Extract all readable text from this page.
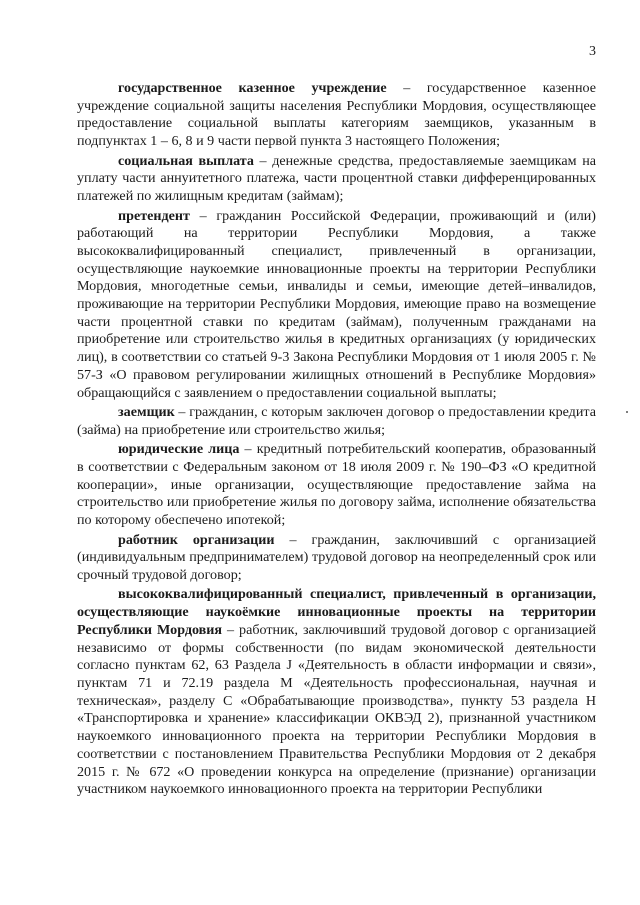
3

государственное казенное учреждение – государственное казенное учреждение социальной защиты населения Республики Мордовия, осуществляющее предоставление социальной выплаты категориям заемщиков, указанным в подпунктах 1 – 6, 8 и 9 части первой пункта 3 настоящего Положения;

социальная выплата – денежные средства, предоставляемые заемщикам на уплату части аннуитетного платежа, части процентной ставки дифференцированных платежей по жилищным кредитам (займам);

претендент – гражданин Российской Федерации, проживающий и (или) работающий на территории Республики Мордовия, а также высококвалифицированный специалист, привлеченный в организации, осуществляющие наукоемкие инновационные проекты на территории Республики Мордовия, многодетные семьи, инвалиды и семьи, имеющие детей–инвалидов, проживающие на территории Республики Мордовия, имеющие право на возмещение части процентной ставки по кредитам (займам), полученным гражданами на приобретение или строительство жилья в кредитных организациях (у юридических лиц), в соответствии со статьей 9-3 Закона Республики Мордовия от 1 июля 2005 г. № 57-З «О правовом регулировании жилищных отношений в Республике Мордовия» обращающийся с заявлением о предоставлении социальной выплаты;

заемщик – гражданин, с которым заключен договор о предоставлении кредита (займа) на приобретение или строительство жилья;

юридические лица – кредитный потребительский кооператив, образованный в соответствии с Федеральным законом от 18 июля 2009 г. № 190–ФЗ «О кредитной кооперации», иные организации, осуществляющие предоставление займа на строительство или приобретение жилья по договору займа, исполнение обязательства по которому обеспечено ипотекой;

работник организации – гражданин, заключивший с организацией (индивидуальным предпринимателем) трудовой договор на неопределенный срок или срочный трудовой договор;

высококвалифицированный специалист, привлеченный в организации, осуществляющие наукоёмкие инновационные проекты на территории Республики Мордовия – работник, заключивший трудовой договор с организацией независимо от формы собственности (по видам экономической деятельности согласно пунктам 62, 63 Раздела J «Деятельность в области информации и связи», пунктам 71 и 72.19 раздела M «Деятельность профессиональная, научная и техническая», разделу C «Обрабатывающие производства», пункту 53 раздела H «Транспортировка и хранение» классификации ОКВЭД 2), признанной участником наукоемкого инновационного проекта на территории Республики Мордовия в соответствии с постановлением Правительства Республики Мордовия от 2 декабря 2015 г. № 672 «О проведении конкурса на определение (признание) организации участником наукоемкого инновационного проекта на территории Республики
